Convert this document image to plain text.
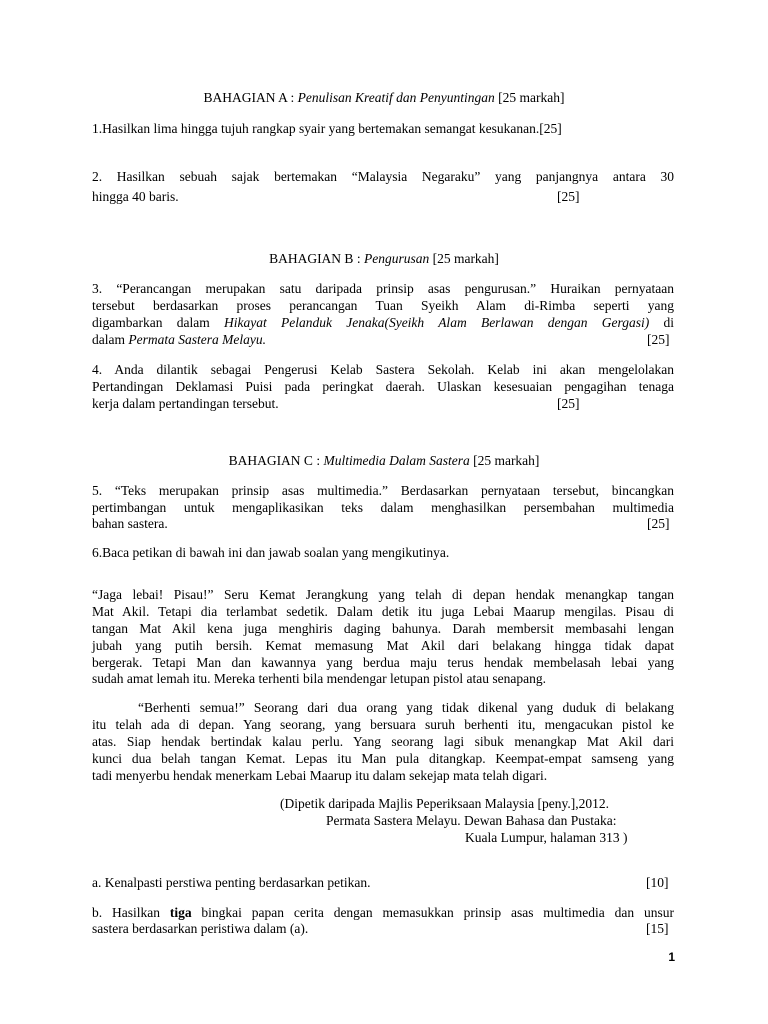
BAHAGIAN A : Penulisan Kreatif dan Penyuntingan [25 markah]
1.Hasilkan lima hingga tujuh rangkap syair yang bertemakan semangat kesukanan.[25]
2. Hasilkan sebuah sajak bertemakan “Malaysia Negaraku” yang panjangnya antara 30
hingga 40 baris.	[25]
BAHAGIAN B : Pengurusan [25 markah]
3. “Perancangan merupakan satu daripada prinsip asas pengurusan.” Huraikan pernyataan
tersebut berdasarkan proses perancangan Tuan Syeikh Alam di-Rimba seperti yang
digambarkan dalam Hikayat Pelanduk Jenaka(Syeikh Alam Berlawan dengan Gergasi) di
dalam Permata Sastera Melayu.	[25]
4. Anda dilantik sebagai Pengerusi Kelab Sastera Sekolah. Kelab ini akan mengelolakan
Pertandingan Deklamasi Puisi pada peringkat daerah. Ulaskan kesesuaian pengagihan tenaga
kerja dalam pertandingan tersebut.	[25]
BAHAGIAN C : Multimedia Dalam Sastera [25 markah]
5. “Teks merupakan prinsip asas multimedia.” Berdasarkan pernyataan tersebut, bincangkan
pertimbangan untuk mengaplikasikan teks dalam menghasilkan persembahan multimedia
bahan sastera.	[25]
6.Baca petikan di bawah ini dan jawab soalan yang mengikutinya.
“Jaga lebai! Pisau!” Seru Kemat Jerangkung yang telah di depan hendak menangkap tangan
Mat Akil. Tetapi dia terlambat sedetik. Dalam detik itu juga Lebai Maarup mengilas. Pisau di
tangan Mat Akil kena juga menghiris daging bahunya. Darah membersit membasahi lengan
jubah yang putih bersih. Kemat memasung Mat Akil dari belakang hingga tidak dapat
bergerak. Tetapi Man dan kawannya yang berdua maju terus hendak membelasah lebai yang
sudah amat lemah itu. Mereka terhenti bila mendengar letupan pistol atau senapang.
“Berhenti semua!” Seorang dari dua orang yang tidak dikenal yang duduk di belakang
itu telah ada di depan. Yang seorang, yang bersuara suruh berhenti itu, mengacukan pistol ke
atas. Siap hendak bertindak kalau perlu. Yang seorang lagi sibuk menangkap Mat Akil dari
kunci dua belah tangan Kemat. Lepas itu Man pula ditangkap. Keempat-empat samseng yang
tadi menyerbu hendak menerkam Lebai Maarup itu dalam sekejap mata telah digari.
(Dipetik daripada Majlis Peperiksaan Malaysia [peny.],2012.
Permata Sastera Melayu. Dewan Bahasa dan Pustaka:
Kuala Lumpur, halaman 313 )
a. Kenalpasti perstiwa penting berdasarkan petikan.	[10]
b. Hasilkan tiga bingkai papan cerita dengan memasukkan prinsip asas multimedia dan unsur
sastera berdasarkan peristiwa dalam (a).	[15]
1
